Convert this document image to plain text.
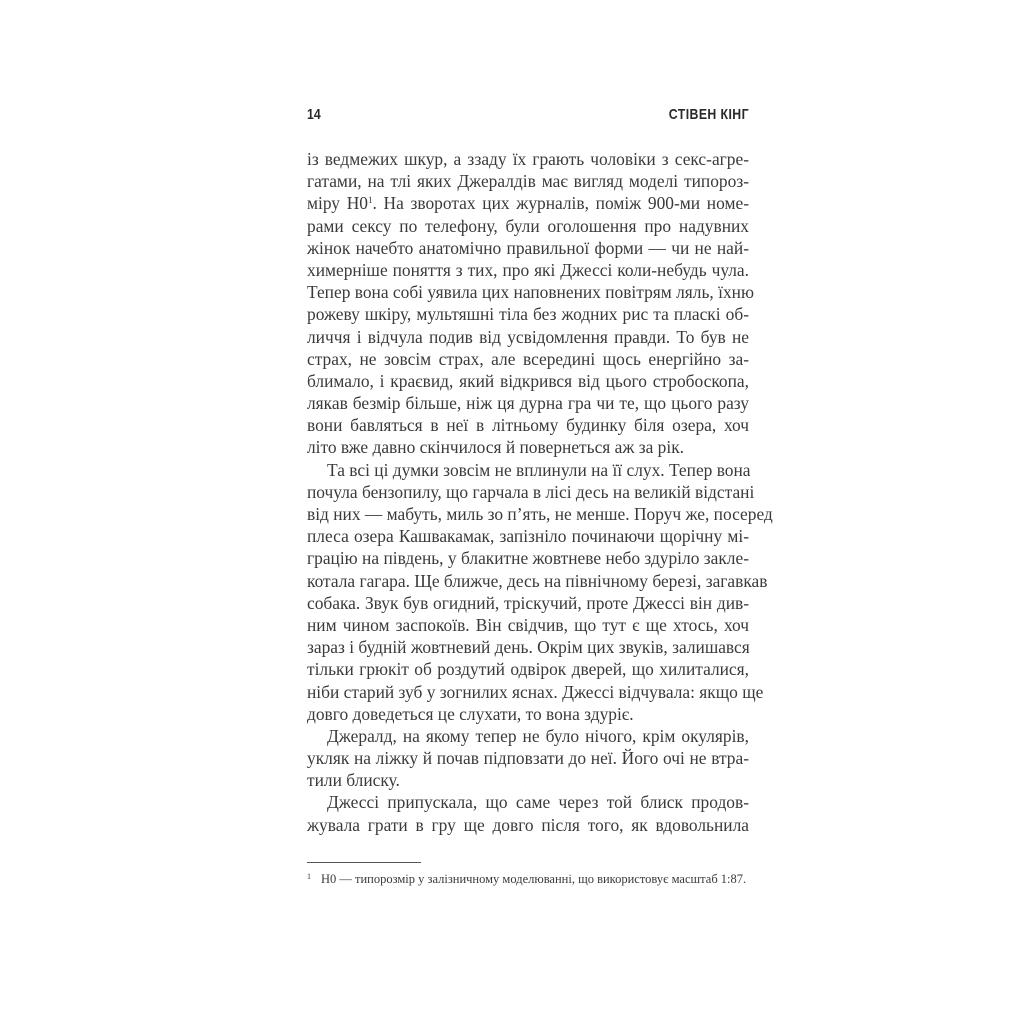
14	СТІВЕН КІНГ

із ведмежих шкур, а ззаду їх грають чоловіки з секс-агре-
гатами, на тлі яких Джералдів має вигляд моделі типороз-
міру $Н0^1$. На зворотах цих журналів, поміж 900-ми номе-
рами сексу по телефону, були оголошення про надувних
жінок начебто анатомічно правильної форми — чи не най-
химерніше поняття з тих, про які Джессі коли-небудь чула.
Тепер вона собі уявила цих наповнених повітрям ляль, їхню
рожеву шкіру, мультяшні тіла без жодних рис та пласкі об-
личчя і відчула подив від усвідомлення правди. То був не
страх, не зовсім страх, але всередині щось енергійно за-
блимало, і краєвид, який відкрився від цього стробоскопа,
лякав безмір більше, ніж ця дурна гра чи те, що цього разу
вони бавляться в неї в літньому будинку біля озера, хоч
літо вже давно скінчилося й повернеться аж за рік.

Та всі ці думки зовсім не вплинули на її слух. Тепер вона
почула бензопилу, що гарчала в лісі десь на великій відстані
від них — мабуть, миль зо п’ять, не менше. Поруч же, посеред
плеса озера Кашвакамак, запізніло починаючи щорічну мі-
грацію на південь, у блакитне жовтневе небо здуріло закле-
котала гагара. Ще ближче, десь на північному березі, загавкав
собака. Звук був огидний, тріскучий, проте Джессі він див-
ним чином заспокоїв. Він свідчив, що тут є ще хтось, хоч
зараз і будній жовтневий день. Окрім цих звуків, залишався
тільки грюкіт об роздутий одвірок дверей, що хилиталися,
ніби старий зуб у зогнилих яснах. Джессі відчувала: якщо ще
довго доведеться це слухати, то вона здуріє.

Джералд, на якому тепер не було нічого, крім окулярів,
укляк на ліжку й почав підповзати до неї. Його очі не втра-
тили блиску.

Джессі припускала, що саме через той блиск продов-
жувала грати в гру ще довго після того, як вдовольнила

$^1$ Н0 — типорозмір у залізничному моделюванні, що використовує масштаб 1:87.
